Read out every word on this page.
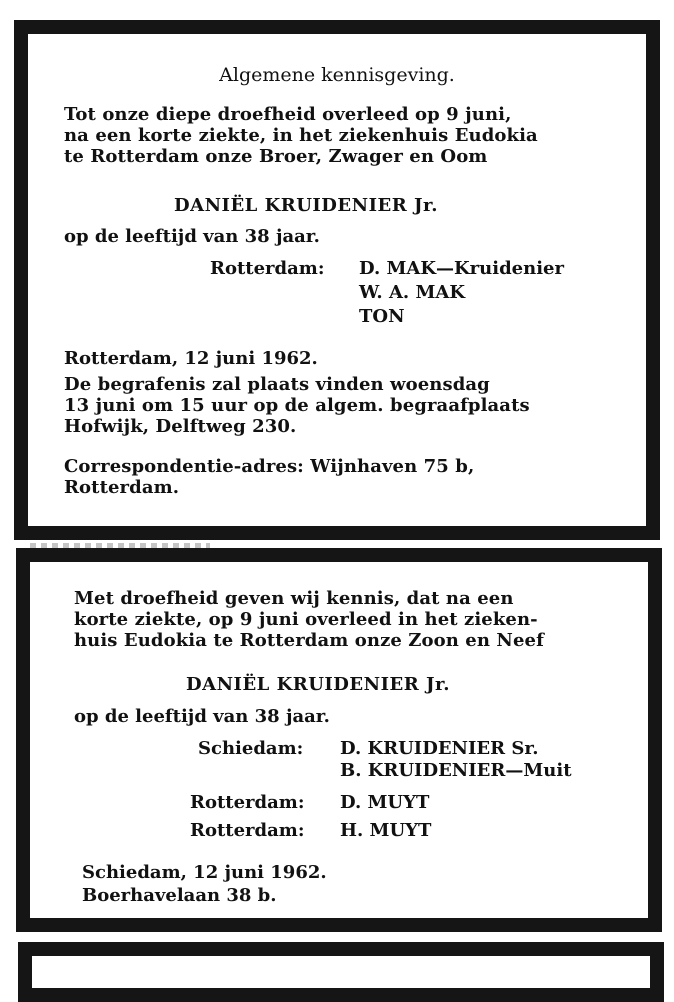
Algemene kennisgeving.
Tot onze diepe droefheid overleed op 9 juni,
na een korte ziekte, in het ziekenhuis Eudokia
te Rotterdam onze Broer, Zwager en Oom
DANIËL KRUIDENIER Jr.
op de leeftijd van 38 jaar.
Rotterdam: D. MAK—Kruidenier
W. A. MAK
TON
Rotterdam, 12 juni 1962.
De begrafenis zal plaats vinden woensdag
13 juni om 15 uur op de algem. begraafplaats
Hofwijk, Delftweg 230.
Correspondentie-adres: Wijnhaven 75 b,
Rotterdam.
Met droefheid geven wij kennis, dat na een
korte ziekte, op 9 juni overleed in het zieken-
huis Eudokia te Rotterdam onze Zoon en Neef
DANIËL KRUIDENIER Jr.
op de leeftijd van 38 jaar.
Schiedam: D. KRUIDENIER Sr.
B. KRUIDENIER—Muit
Rotterdam: D. MUYT
Rotterdam: H. MUYT
Schiedam, 12 juni 1962.
Boerhavelaan 38 b.
